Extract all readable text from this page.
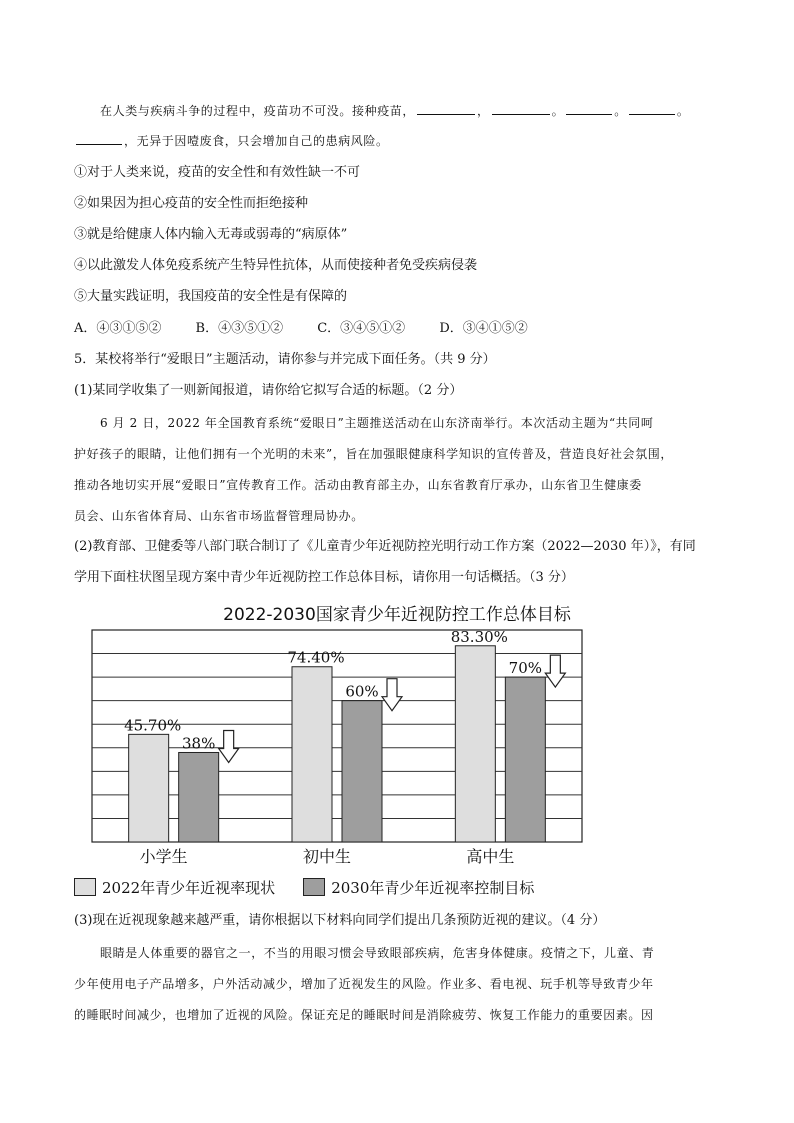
在人类与疾病斗争的过程中，疫苗功不可没。接种疫苗，	，	。	。	。
，无异于因噎废食，只会增加自己的患病风险。
①对于人类来说，疫苗的安全性和有效性缺一不可
②如果因为担心疫苗的安全性而拒绝接种
③就是给健康人体内输入无毒或弱毒的“病原体”
④以此激发人体免疫系统产生特异性抗体，从而使接种者免受疾病侵袭
⑤大量实践证明，我国疫苗的安全性是有保障的
A．④③①⑤②	B．④③⑤①②	C．③④⑤①②	D．③④①⑤②
5．某校将举行“爱眼日”主题活动，请你参与并完成下面任务。（共 9 分）
(1)某同学收集了一则新闻报道，请你给它拟写合适的标题。（2 分）
6 月 2 日，2022 年全国教育系统“爱眼日”主题推送活动在山东济南举行。本次活动主题为“共同呵
护好孩子的眼睛，让他们拥有一个光明的未来”，旨在加强眼健康科学知识的宣传普及，营造良好社会氛围，
推动各地切实开展“爱眼日”宣传教育工作。活动由教育部主办，山东省教育厅承办，山东省卫生健康委
员会、山东省体育局、山东省市场监督管理局协办。
(2)教育部、卫健委等八部门联合制订了《儿童青少年近视防控光明行动工作方案（2022—2030 年）》，有同
学用下面柱状图呈现方案中青少年近视防控工作总体目标，请你用一句话概括。（3 分）
2022-2030国家青少年近视防控工作总体目标
45.70%
38%
74.40%
60%
83.30%
70%
小学生	初中生	高中生
2022年青少年近视率现状	2030年青少年近视率控制目标
(3)现在近视现象越来越严重，请你根据以下材料向同学们提出几条预防近视的建议。（4 分）
眼睛是人体重要的器官之一，不当的用眼习惯会导致眼部疾病，危害身体健康。疫情之下，儿童、青
少年使用电子产品增多，户外活动减少，增加了近视发生的风险。作业多、看电视、玩手机等导致青少年
的睡眠时间减少，也增加了近视的风险。保证充足的睡眠时间是消除疲劳、恢复工作能力的重要因素。因
